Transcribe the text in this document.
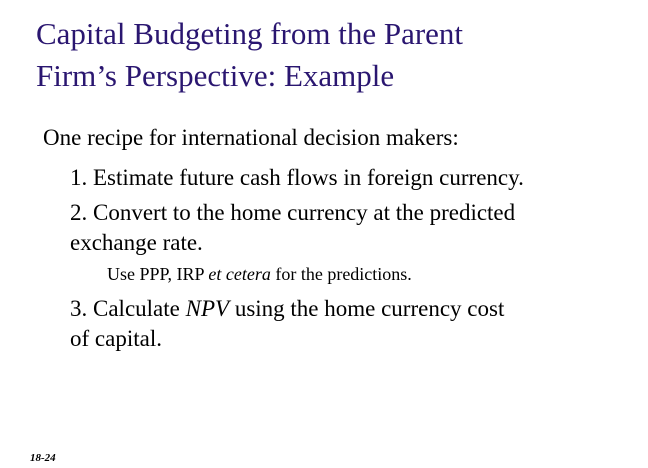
Capital Budgeting from the Parent
Firm’s Perspective: Example
One recipe for international decision makers:
1. Estimate future cash flows in foreign currency.
2. Convert to the home currency at the predicted
exchange rate.
Use PPP, IRP et cetera for the predictions.
3. Calculate NPV using the home currency cost
of capital.
18-24
